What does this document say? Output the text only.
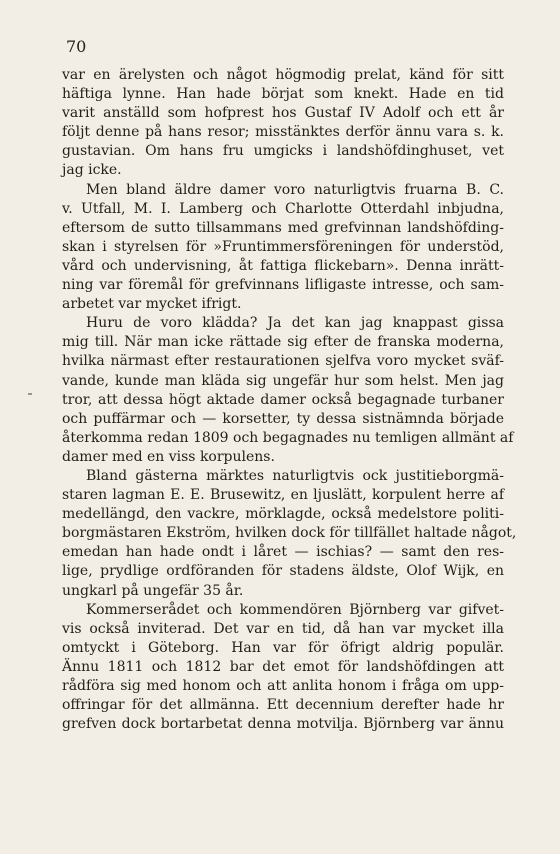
70
var en ärelysten och något högmodig prelat, känd för sitt
häftiga lynne. Han hade börjat som knekt. Hade en tid
varit anställd som hofprest hos Gustaf IV Adolf och ett år
följt denne på hans resor; misstänktes derför ännu vara s. k.
gustavian. Om hans fru umgicks i landshöfdinghuset, vet
jag icke.
Men bland äldre damer voro naturligtvis fruarna B. C.
v. Utfall, M. I. Lamberg och Charlotte Otterdahl inbjudna,
eftersom de sutto tillsammans med grefvinnan landshöfding-
skan i styrelsen för »Fruntimmersföreningen för understöd,
vård och undervisning, åt fattiga flickebarn». Denna inrätt-
ning var föremål för grefvinnans lifligaste intresse, och sam-
arbetet var mycket ifrigt.
Huru de voro klädda? Ja det kan jag knappast gissa
mig till. När man icke rättade sig efter de franska moderna,
hvilka närmast efter restaurationen sjelfva voro mycket sväf-
vande, kunde man kläda sig ungefär hur som helst. Men jag
tror, att dessa högt aktade damer också begagnade turbaner
och puffärmar och — korsetter, ty dessa sistnämnda började
återkomma redan 1809 och begagnades nu temligen allmänt af
damer med en viss korpulens.
Bland gästerna märktes naturligtvis ock justitieborgmä-
staren lagman E. E. Brusewitz, en ljuslätt, korpulent herre af
medellängd, den vackre, mörklagde, också medelstore politi-
borgmästaren Ekström, hvilken dock för tillfället haltade något,
emedan han hade ondt i låret — ischias? — samt den res-
lige, prydlige ordföranden för stadens äldste, Olof Wijk, en
ungkarl på ungefär 35 år.
Kommerserådet och kommendören Björnberg var gifvet-
vis också inviterad. Det var en tid, då han var mycket illa
omtyckt i Göteborg. Han var för öfrigt aldrig populär.
Ännu 1811 och 1812 bar det emot för landshöfdingen att
rådföra sig med honom och att anlita honom i fråga om upp-
offringar för det allmänna. Ett decennium derefter hade hr
grefven dock bortarbetat denna motvilja. Björnberg var ännu
